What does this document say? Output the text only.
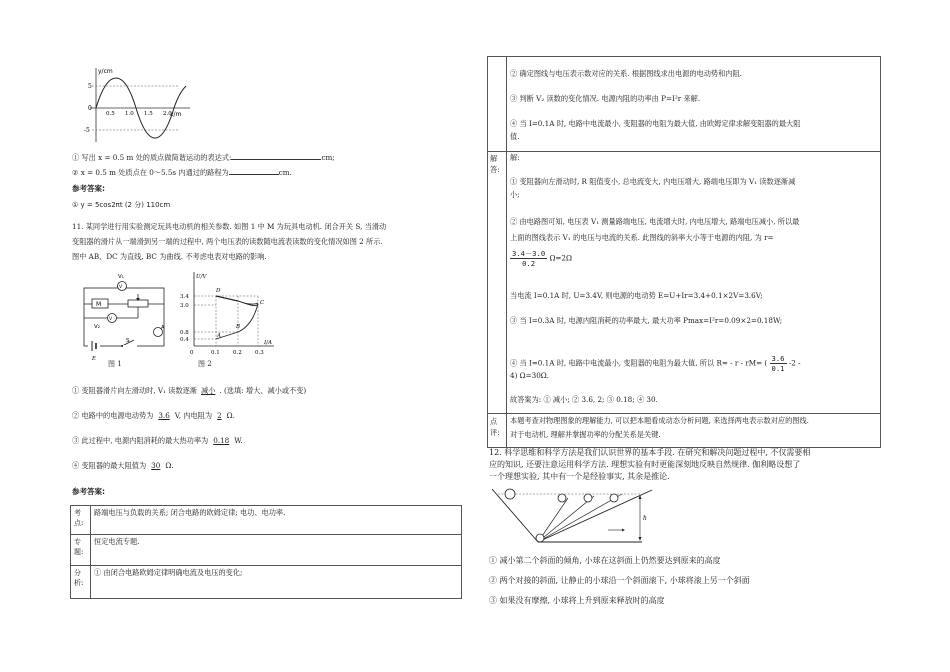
y/cm
x/m
5
0
-5
0.5 1.0 1.5 2.0
① 写出 x = 0.5 m 处的质点做简谐运动的表达式:	cm;
② x = 0.5 m 处质点在 0～5.5s 内通过的路程为	cm.
参考答案:
① y = 5cos2πt (2 分) 110cm
11. 某同学进行用实验测定玩具电动机的相关参数. 如图 1 中 M 为玩具电动机. 闭合开关 S, 当滑动
变阻器的滑片从一端滑到另一端的过程中, 两个电压表的读数随电流表读数的变化情况如图 2 所示.
图中 AB、DC 为直线, BC 为曲线. 不考虑电表对电路的影响.
V
V₁
M
V
V₂	A
E
S
图 1
U/V
I/A
3.4
3.0
0.8
0.4
0	0.1 0.2 0.3
D
C
B
A
图 2
① 变阻器滑片向左滑动时, V₁ 读数逐渐 减小 . (选填: 增大、减小或不变)
② 电路中的电源电动势为 3.6 V, 内电阻为 2 Ω.
③ 此过程中, 电源内阻消耗的最大热功率为 0.18 W.
④ 变阻器的最大阻值为 30 Ω.
参考答案:
考点:	路端电压与负载的关系; 闭合电路的欧姆定律; 电功、电功率.
专题:	恒定电流专题.
分析:	① 由闭合电路欧姆定律明确电流及电压的变化;
② 确定图线与电压表示数对应的关系. 根据图线求出电源的电动势和内阻.
③ 判断 V₂ 读数的变化情况. 电源内阻的功率由 P=I²r 来解.
④ 当 I=0.1A 时, 电路中电流最小, 变阻器的电阻为最大值, 由欧姆定律求解变阻器的最大阻
值.
解答:
解:
① 变阻器向左滑动时, R 阻值变小, 总电流变大, 内电压增大, 路端电压即为 V₁ 读数逐渐减
小;
② 由电路图可知, 电压表 V₁ 测量路端电压, 电流增大时, 内电压增大, 路端电压减小, 所以最
上面的图线表示 V₁ 的电压与电流的关系. 此图线的斜率大小等于电源的内阻, 为 r=
$\frac{3.4-3.0}{0.2} \Omega=2\Omega$
当电流 I=0.1A 时, U=3.4V, 则电源的电动势 E=U+Ir=3.4+0.1×2V=3.6V;
③ 当 I=0.3A 时, 电源内阻消耗的功率最大, 最大功率 Pmax=I²r=0.09×2=0.18W;
④ 当 I=0.1A 时, 电路中电流最小, 变阻器的电阻为最大值, 所以 R= - r - rM= ( $\frac{3.6}{0.1} -2$ -
4) Ω=30Ω.
故答案为: ① 减小; ② 3.6, 2; ③ 0.18; ④ 30.
点评:
本题考查对物理图象的理解能力, 可以把本题看成动态分析问题, 来选择两电表示数对应的图线.
对于电动机, 理解并掌握功率的分配关系是关键.
12. 科学思维和科学方法是我们认识世界的基本手段. 在研究和解决问题过程中, 不仅需要相
应的知识, 还要注意运用科学方法. 理想实验有时更能深刻地反映自然规律. 伽利略设想了
一个理想实验, 其中有一个是经验事实, 其余是推论.
h
① 减小第二个斜面的倾角, 小球在这斜面上仍然要达到原来的高度
② 两个对接的斜面, 让静止的小球沿一个斜面滚下, 小球将滚上另一个斜面
③ 如果没有摩擦, 小球将上升到原来释放时的高度
